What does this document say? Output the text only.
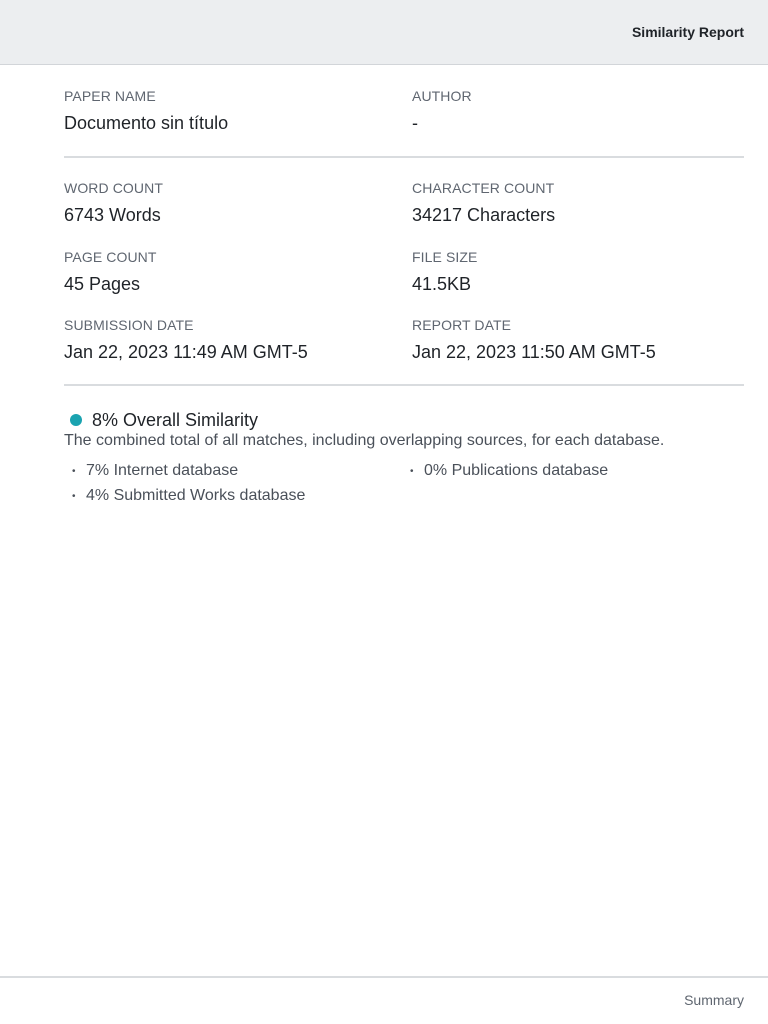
Similarity Report
PAPER NAME
Documento sin título
AUTHOR
-
WORD COUNT
6743 Words
CHARACTER COUNT
34217 Characters
PAGE COUNT
45 Pages
FILE SIZE
41.5KB
SUBMISSION DATE
Jan 22, 2023 11:49 AM GMT-5
REPORT DATE
Jan 22, 2023 11:50 AM GMT-5
8% Overall Similarity
The combined total of all matches, including overlapping sources, for each database.
• 7% Internet database	• 0% Publications database
• 4% Submitted Works database
Summary
